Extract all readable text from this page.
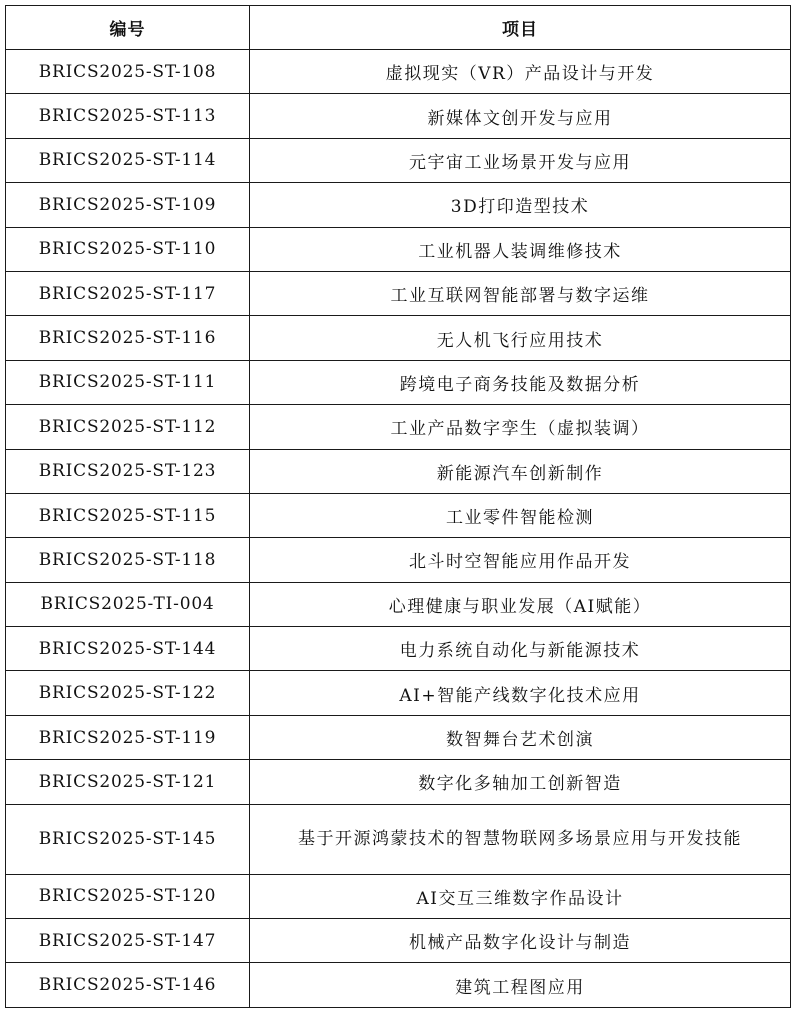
编号	项目
BRICS2025-ST-108	虚拟现实（VR）产品设计与开发
BRICS2025-ST-113	新媒体文创开发与应用
BRICS2025-ST-114	元宇宙工业场景开发与应用
BRICS2025-ST-109	3D打印造型技术
BRICS2025-ST-110	工业机器人装调维修技术
BRICS2025-ST-117	工业互联网智能部署与数字运维
BRICS2025-ST-116	无人机飞行应用技术
BRICS2025-ST-111	跨境电子商务技能及数据分析
BRICS2025-ST-112	工业产品数字孪生（虚拟装调）
BRICS2025-ST-123	新能源汽车创新制作
BRICS2025-ST-115	工业零件智能检测
BRICS2025-ST-118	北斗时空智能应用作品开发
BRICS2025-TI-004	心理健康与职业发展（AI赋能）
BRICS2025-ST-144	电力系统自动化与新能源技术
BRICS2025-ST-122	AI+智能产线数字化技术应用
BRICS2025-ST-119	数智舞台艺术创演
BRICS2025-ST-121	数字化多轴加工创新智造
BRICS2025-ST-145	基于开源鸿蒙技术的智慧物联网多场景应用与开发技能
BRICS2025-ST-120	AI交互三维数字作品设计
BRICS2025-ST-147	机械产品数字化设计与制造
BRICS2025-ST-146	建筑工程图应用
